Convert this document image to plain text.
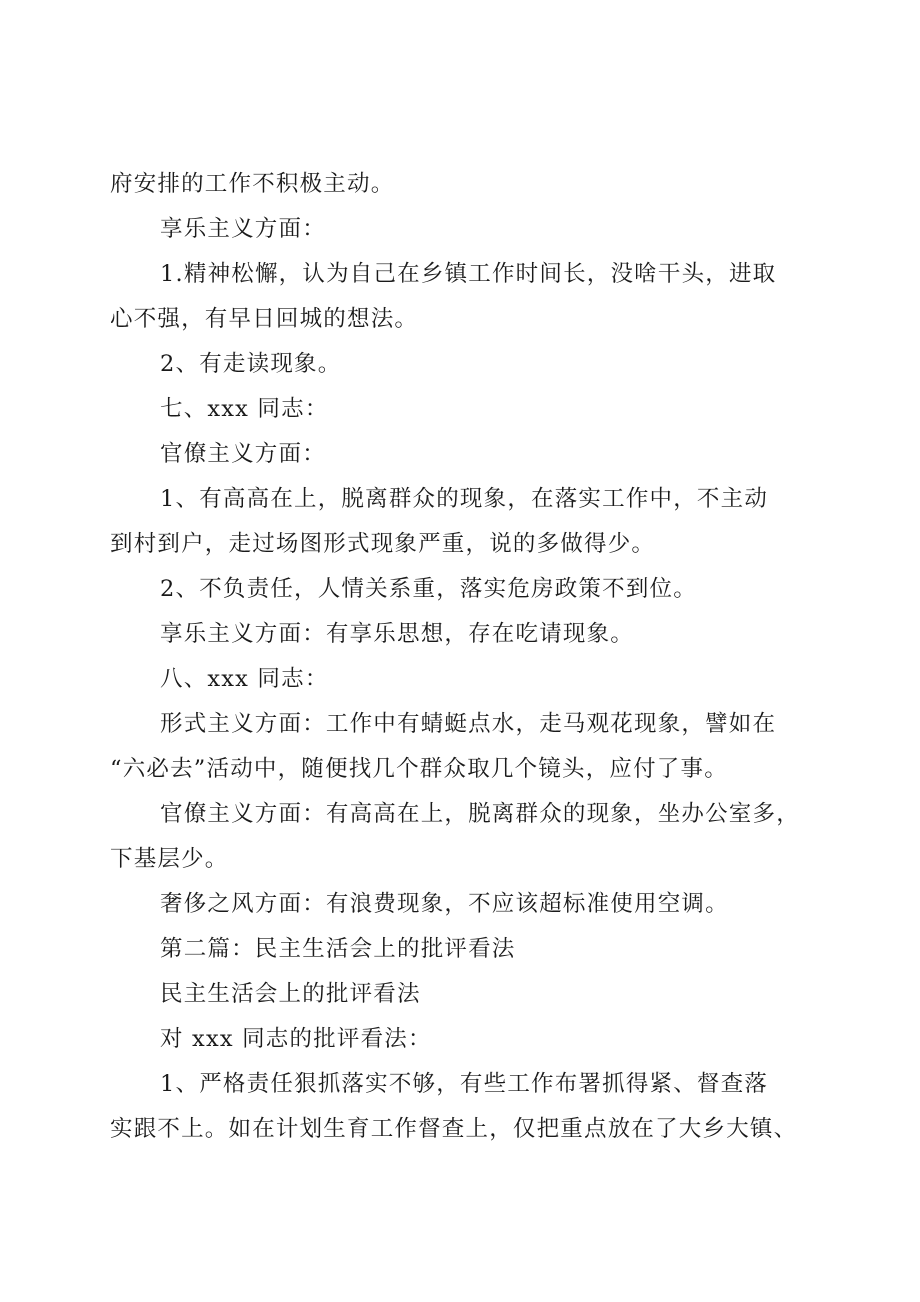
府安排的工作不积极主动。
享乐主义方面：
1.精神松懈，认为自己在乡镇工作时间长，没啥干头，进取
心不强，有早日回城的想法。
2、有走读现象。
七、xxx 同志：
官僚主义方面：
1、有高高在上，脱离群众的现象，在落实工作中，不主动
到村到户，走过场图形式现象严重，说的多做得少。
2、不负责任，人情关系重，落实危房政策不到位。
享乐主义方面：有享乐思想，存在吃请现象。
八、xxx 同志：
形式主义方面：工作中有蜻蜓点水，走马观花现象，譬如在
“六必去”活动中，随便找几个群众取几个镜头，应付了事。
官僚主义方面：有高高在上，脱离群众的现象，坐办公室多，
下基层少。
奢侈之风方面：有浪费现象，不应该超标准使用空调。
第二篇：民主生活会上的批评看法
民主生活会上的批评看法
对 xxx 同志的批评看法：
1、严格责任狠抓落实不够，有些工作布署抓得紧、督查落
实跟不上。如在计划生育工作督查上，仅把重点放在了大乡大镇、
